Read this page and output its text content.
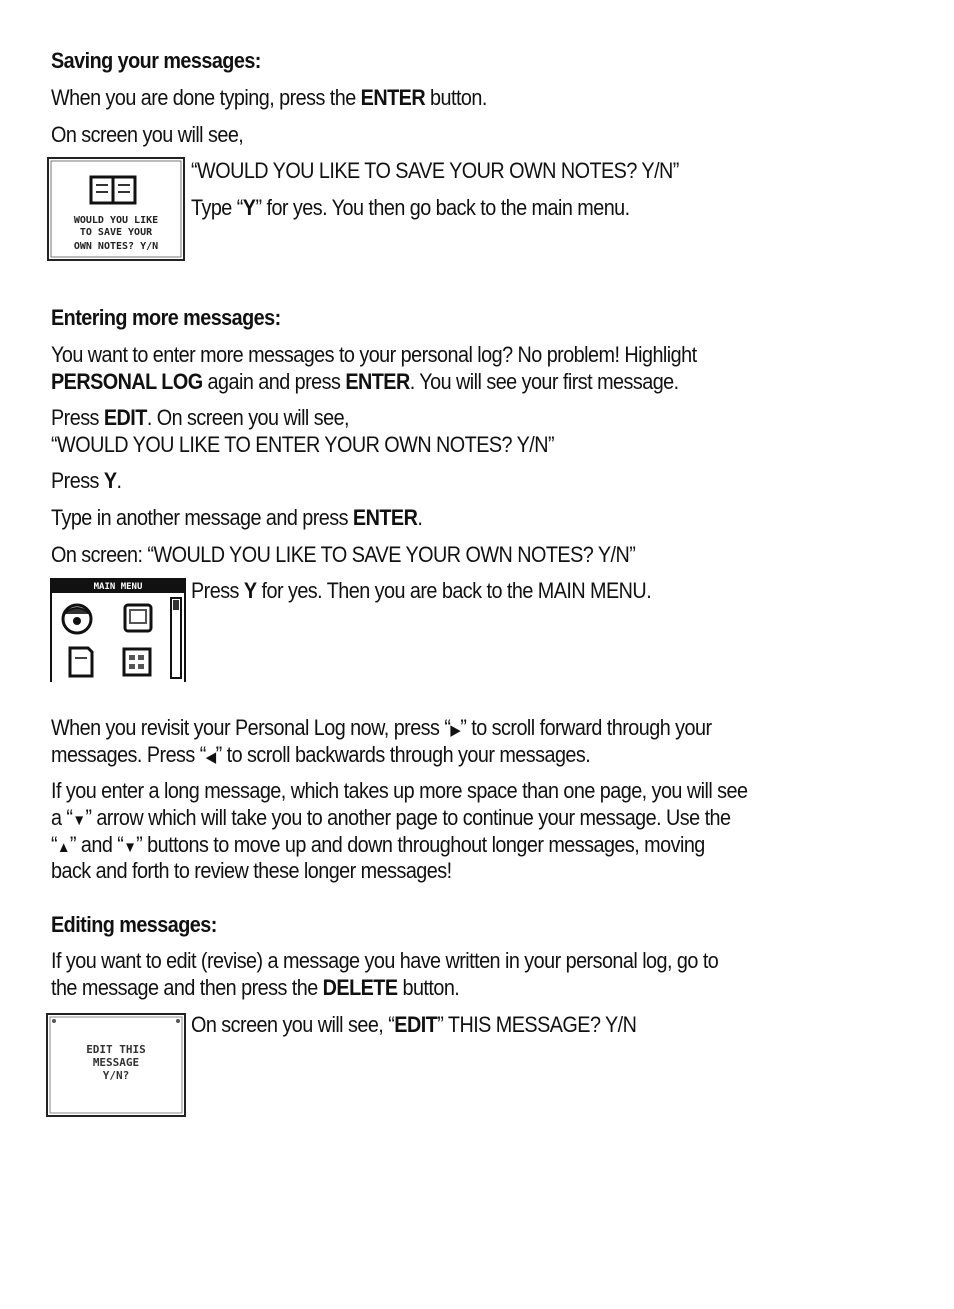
Saving your messages:

When you are done typing, press the ENTER button.

On screen you will see,

“WOULD YOU LIKE TO SAVE YOUR OWN NOTES? Y/N”

Type “Y” for yes. You then go back to the main menu.

WOULD YOU LIKE
TO SAVE YOUR
OWN NOTES? Y/N

Entering more messages:

You want to enter more messages to your personal log? No problem! Highlight

PERSONAL LOG again and press ENTER. You will see your first message.

Press EDIT. On screen you will see,

“WOULD YOU LIKE TO ENTER YOUR OWN NOTES? Y/N”

Press Y.

Type in another message and press ENTER.

On screen: “WOULD YOU LIKE TO SAVE YOUR OWN NOTES? Y/N”

Press Y for yes. Then you are back to the MAIN MENU.

MAIN MENU

When you revisit your Personal Log now, press “▶” to scroll forward through your

messages. Press “◀” to scroll backwards through your messages.

If you enter a long message, which takes up more space than one page, you will see

a “▼” arrow which will take you to another page to continue your message. Use the

“▲” and “▼” buttons to move up and down throughout longer messages, moving

back and forth to review these longer messages!

Editing messages:

If you want to edit (revise) a message you have written in your personal log, go to

the message and then press the DELETE button.

On screen you will see, “EDIT” THIS MESSAGE? Y/N

EDIT THIS
MESSAGE
Y/N?
